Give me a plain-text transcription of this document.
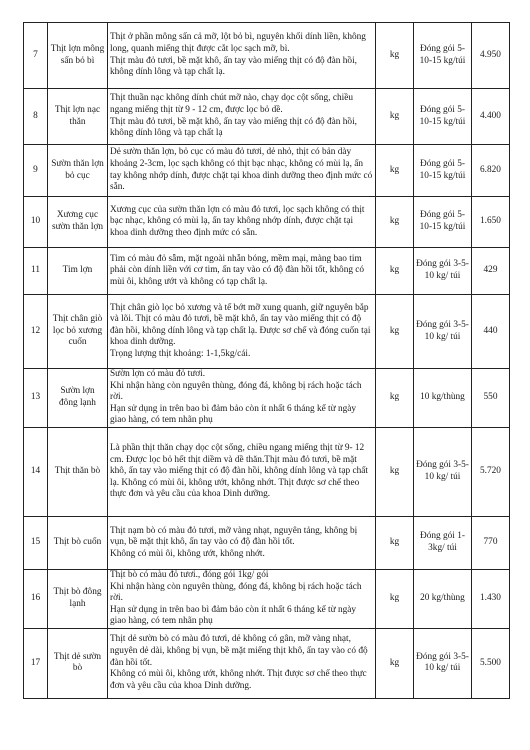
7	Thịt lợn mông sấn bỏ bì	Thịt ở phần mông sấn cả mỡ, lột bỏ bì, nguyên khối dính liền, không long, quanh miếng thịt được cắt lọc sạch mỡ, bì.
Thịt màu đỏ tươi, bề mặt khô, ấn tay vào miếng thịt có độ đàn hồi, không dính lông và tạp chất lạ.	kg	Đóng gói 5-10-15 kg/túi	4.950
8	Thịt lợn nạc thăn	Thịt thuần nạc không dính chút mỡ nào, chạy dọc cột sống, chiều ngang miếng thịt từ 9 - 12 cm, được lọc bỏ dề.
Thịt màu đỏ tươi, bề mặt khô, ấn tay vào miếng thịt có độ đàn hồi, không dính lông và tạp chất lạ	kg	Đóng gói 5-10-15 kg/túi	4.400
9	Sườn thăn lợn bỏ cục	Dẻ sườn thăn lợn, bỏ cục có màu đỏ tươi, dẻ nhỏ, thịt có bản dày khoảng 2-3cm, lọc sạch không có thịt bạc nhạc, không có mùi lạ, ấn tay không nhớp dính, được chặt tại khoa dinh dưỡng theo định mức có sẵn.	kg	Đóng gói 5-10-15 kg/túi	6.820
10	Xương cục sườn thăn lợn	Xương cục của sườn thăn lợn có màu đỏ tươi, lọc sạch không có thịt bạc nhạc, không có mùi lạ, ấn tay không nhớp dính, được chặt tại khoa dinh dưỡng theo định mức có sẵn.	kg	Đóng gói 5-10-15 kg/túi	1.650
11	Tim lợn	Tim có màu đỏ sẫm, mặt ngoài nhẵn bóng, mềm mại, màng bao tim phải còn dính liền với cơ tim, ấn tay vào có độ đàn hồi tốt, không có mùi ôi, không ướt và không có tạp chất lạ.	kg	Đóng gói 3-5-10 kg/ túi	429
12	Thịt chân giò lọc bỏ xương cuốn	Thịt chân giò lọc bỏ xương và tế bớt mỡ xung quanh, giữ nguyên bắp và lõi. Thịt có màu đỏ tươi, bề mặt khô, ấn tay vào miếng thịt có độ đàn hồi, không dính lông và tạp chất lạ. Được sơ chế và đóng cuốn tại khoa dinh dưỡng.
Trọng lượng thịt khoảng: 1-1,5kg/cái.	kg	Đóng gói 3-5-10 kg/ túi	440
13	Sườn lợn đông lạnh	Sườn lợn có màu đỏ tươi.
Khi nhận hàng còn nguyên thùng, đóng đá, không bị rách hoặc tách rời.
Hạn sử dụng in trên bao bì đảm bảo còn ít nhất 6 tháng kể từ ngày giao hàng, có tem nhãn phụ	kg	10 kg/thùng	550
14	Thịt thăn bò	Là phần thịt thăn chạy dọc cột sống, chiều ngang miếng thịt từ 9- 12 cm. Được lọc bỏ hết thịt diềm và dề thăn.Thịt màu đỏ tươi, bề mặt khô, ấn tay vào miếng thịt có độ đàn hồi, không dính lông và tạp chất lạ. Không có mùi ôi, không ướt, không nhớt. Thịt được sơ chế theo thực đơn và yêu cầu của khoa Dinh dưỡng.	kg	Đóng gói 3-5-10 kg/ túi	5.720
15	Thịt bò cuốn	Thịt nạm bò có màu đỏ tươi, mỡ vàng nhạt, nguyên tảng, không bị vụn, bề mặt thịt khô, ấn tay vào có độ đàn hồi tốt.
Không có mùi ôi, không ướt, không nhớt.	kg	Đóng gói 1-3kg/ túi	770
16	Thịt bò đông lạnh	Thịt bò có màu đỏ tươi., đóng gói 1kg/ gói
Khi nhận hàng còn nguyên thùng, đóng đá, không bị rách hoặc tách rời.
Hạn sử dụng in trên bao bì đảm bảo còn ít nhất 6 tháng kể từ ngày giao hàng, có tem nhãn phụ	kg	20 kg/thùng	1.430
17	Thịt dẻ sườn bò	Thịt dẻ sườn bò có màu đỏ tươi, dẻ không có gân, mỡ vàng nhạt, nguyên dẻ dài, không bị vụn, bề mặt miếng thịt khô, ấn tay vào có độ đàn hồi tốt.
Không có mùi ôi, không ướt, không nhớt. Thịt được sơ chế theo thực đơn và yêu cầu của khoa Dinh dưỡng.	kg	Đóng gói 3-5-10 kg/ túi	5.500
